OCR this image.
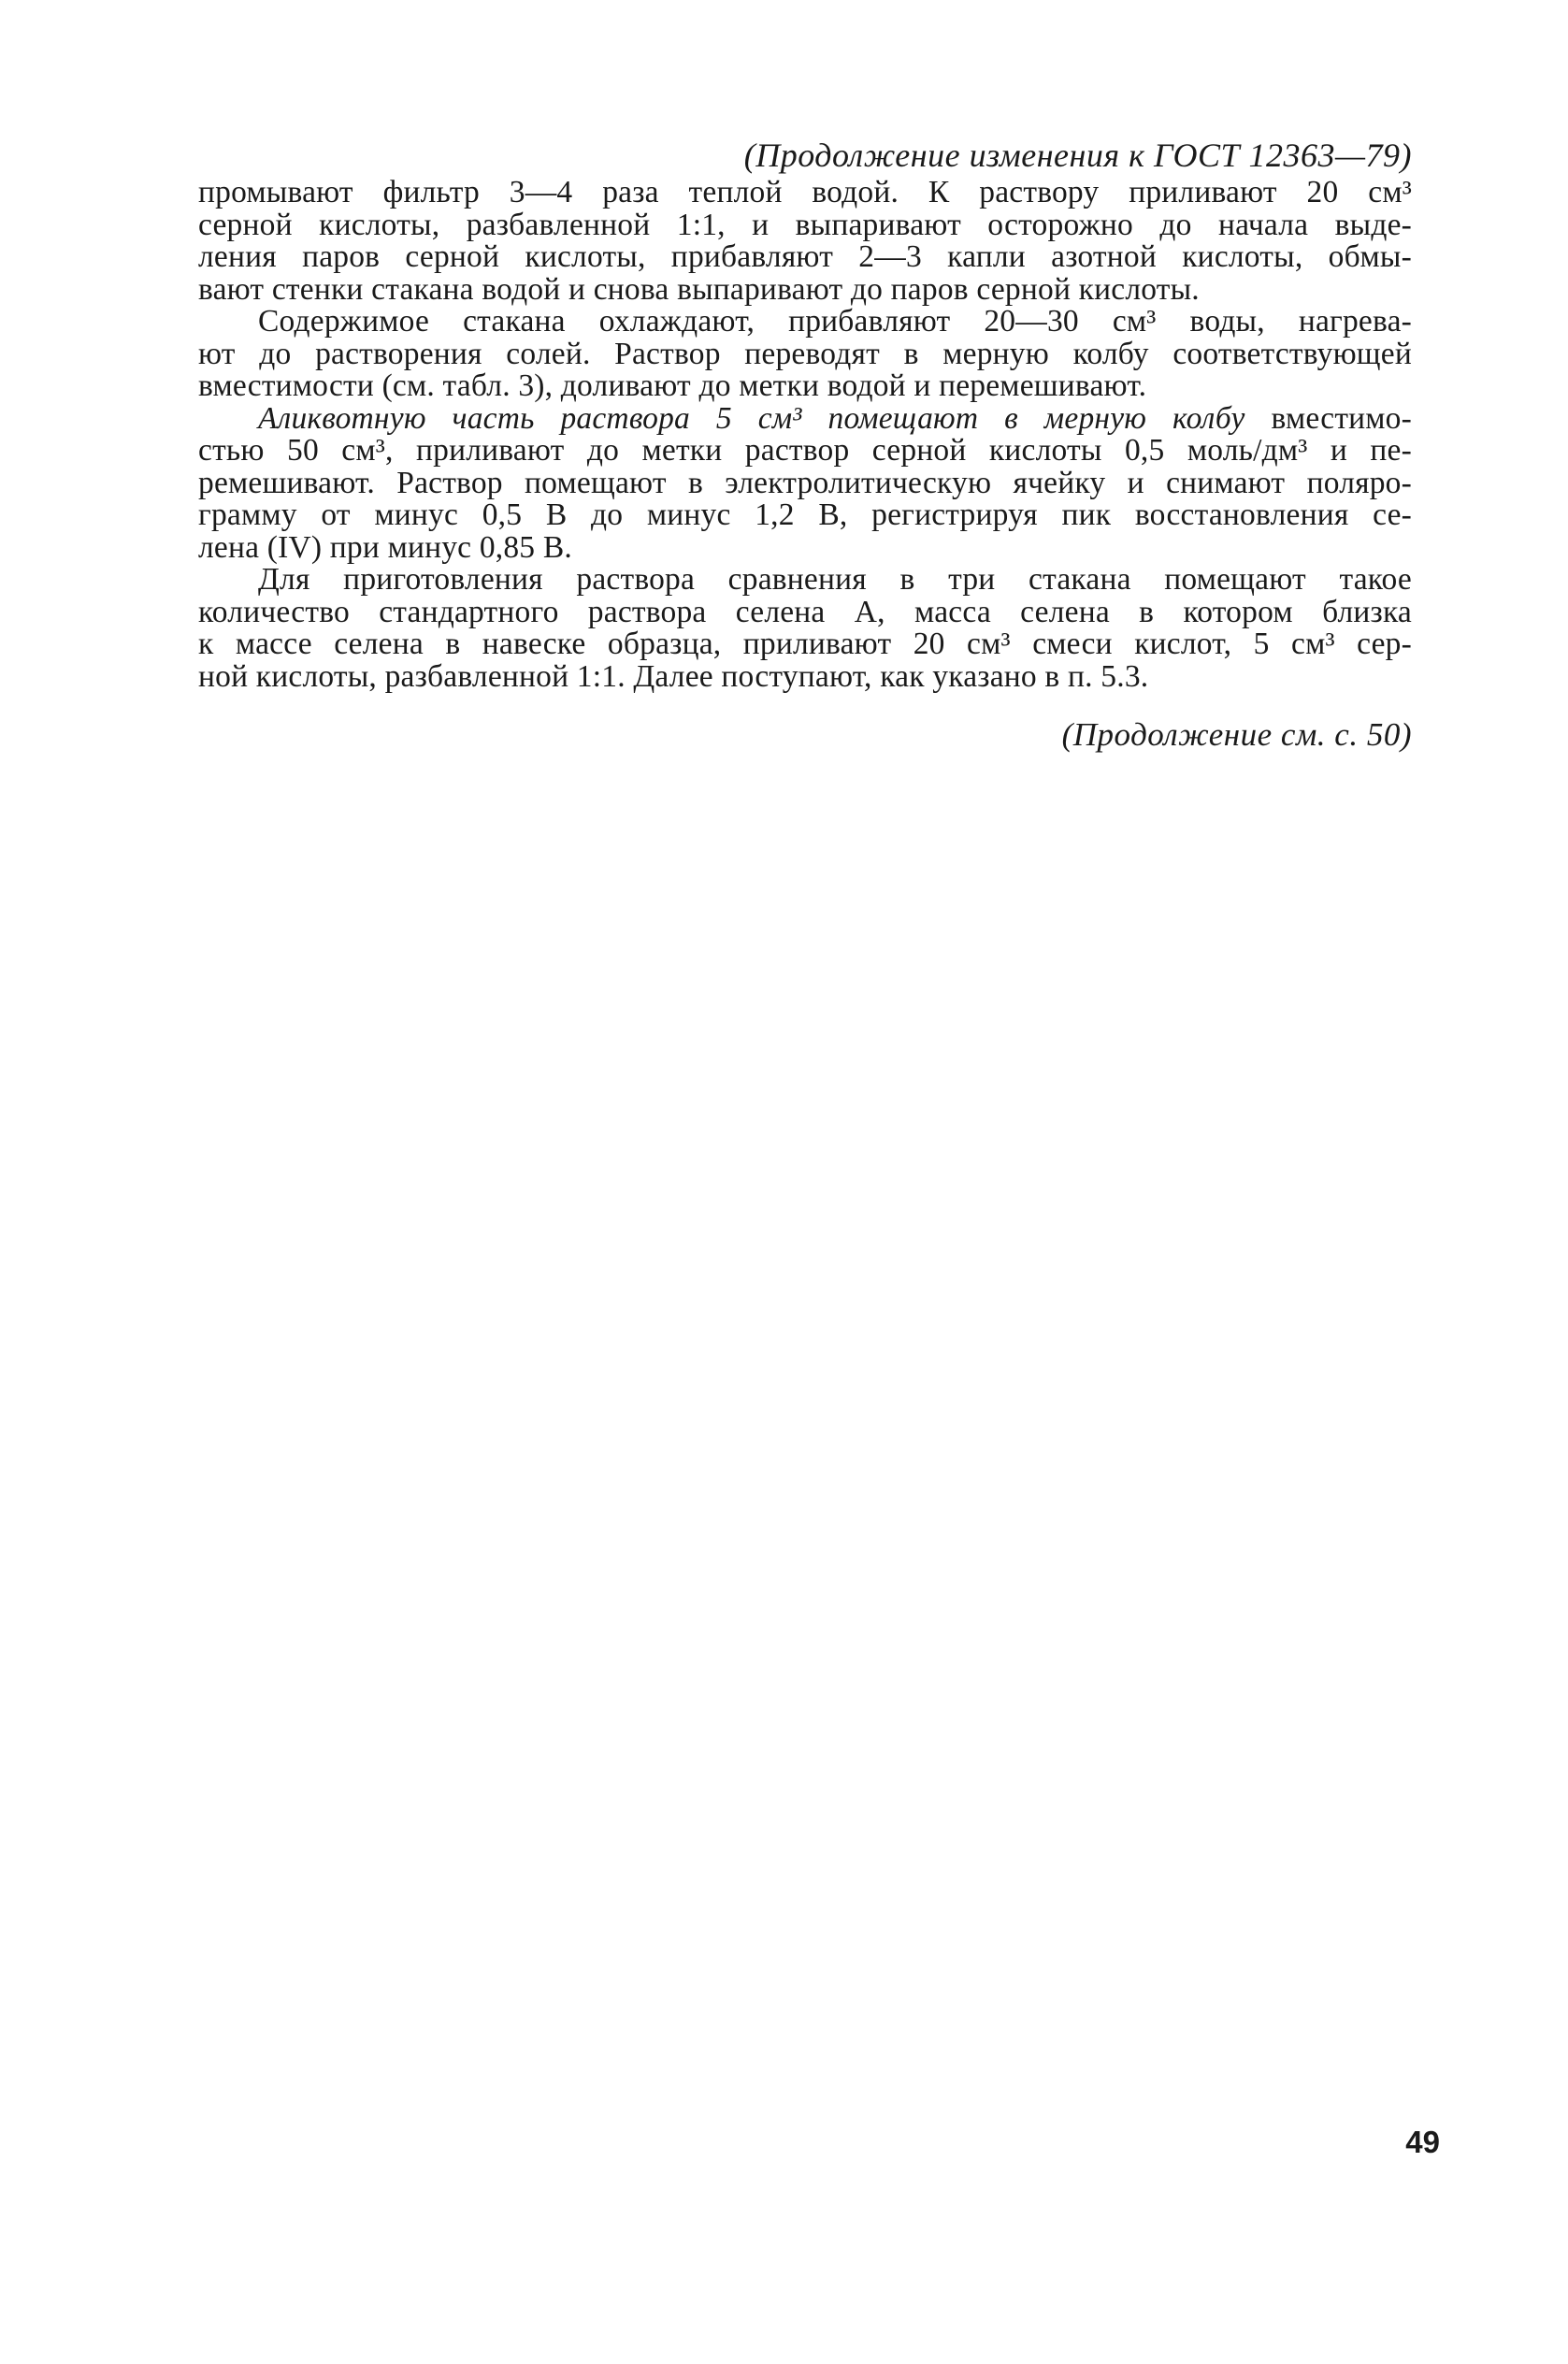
(Продолжение изменения к ГОСТ 12363—79)
промывают фильтр 3—4 раза теплой водой. К раствору приливают 20 см³
серной кислоты, разбавленной 1:1, и выпаривают осторожно до начала выде-
ления паров серной кислоты, прибавляют 2—3 капли азотной кислоты, обмы-
вают стенки стакана водой и снова выпаривают до паров серной кислоты.
Содержимое стакана охлаждают, прибавляют 20—30 см³ воды, нагрева-
ют до растворения солей. Раствор переводят в мерную колбу соответствующей
вместимости (см. табл. 3), доливают до метки водой и перемешивают.
Аликвотную часть раствора 5 см³ помещают в мерную колбу вместимо-
стью 50 см³, приливают до метки раствор серной кислоты 0,5 моль/дм³ и пе-
ремешивают. Раствор помещают в электролитическую ячейку и снимают поляро-
грамму от минус 0,5 В до минус 1,2 В, регистрируя пик восстановления се-
лена (IV) при минус 0,85 В.
Для приготовления раствора сравнения в три стакана помещают такое
количество стандартного раствора селена А, масса селена в котором близка
к массе селена в навеске образца, приливают 20 см³ смеси кислот, 5 см³ сер-
ной кислоты, разбавленной 1:1. Далее поступают, как указано в п. 5.3.
(Продолжение см. с. 50)
49
